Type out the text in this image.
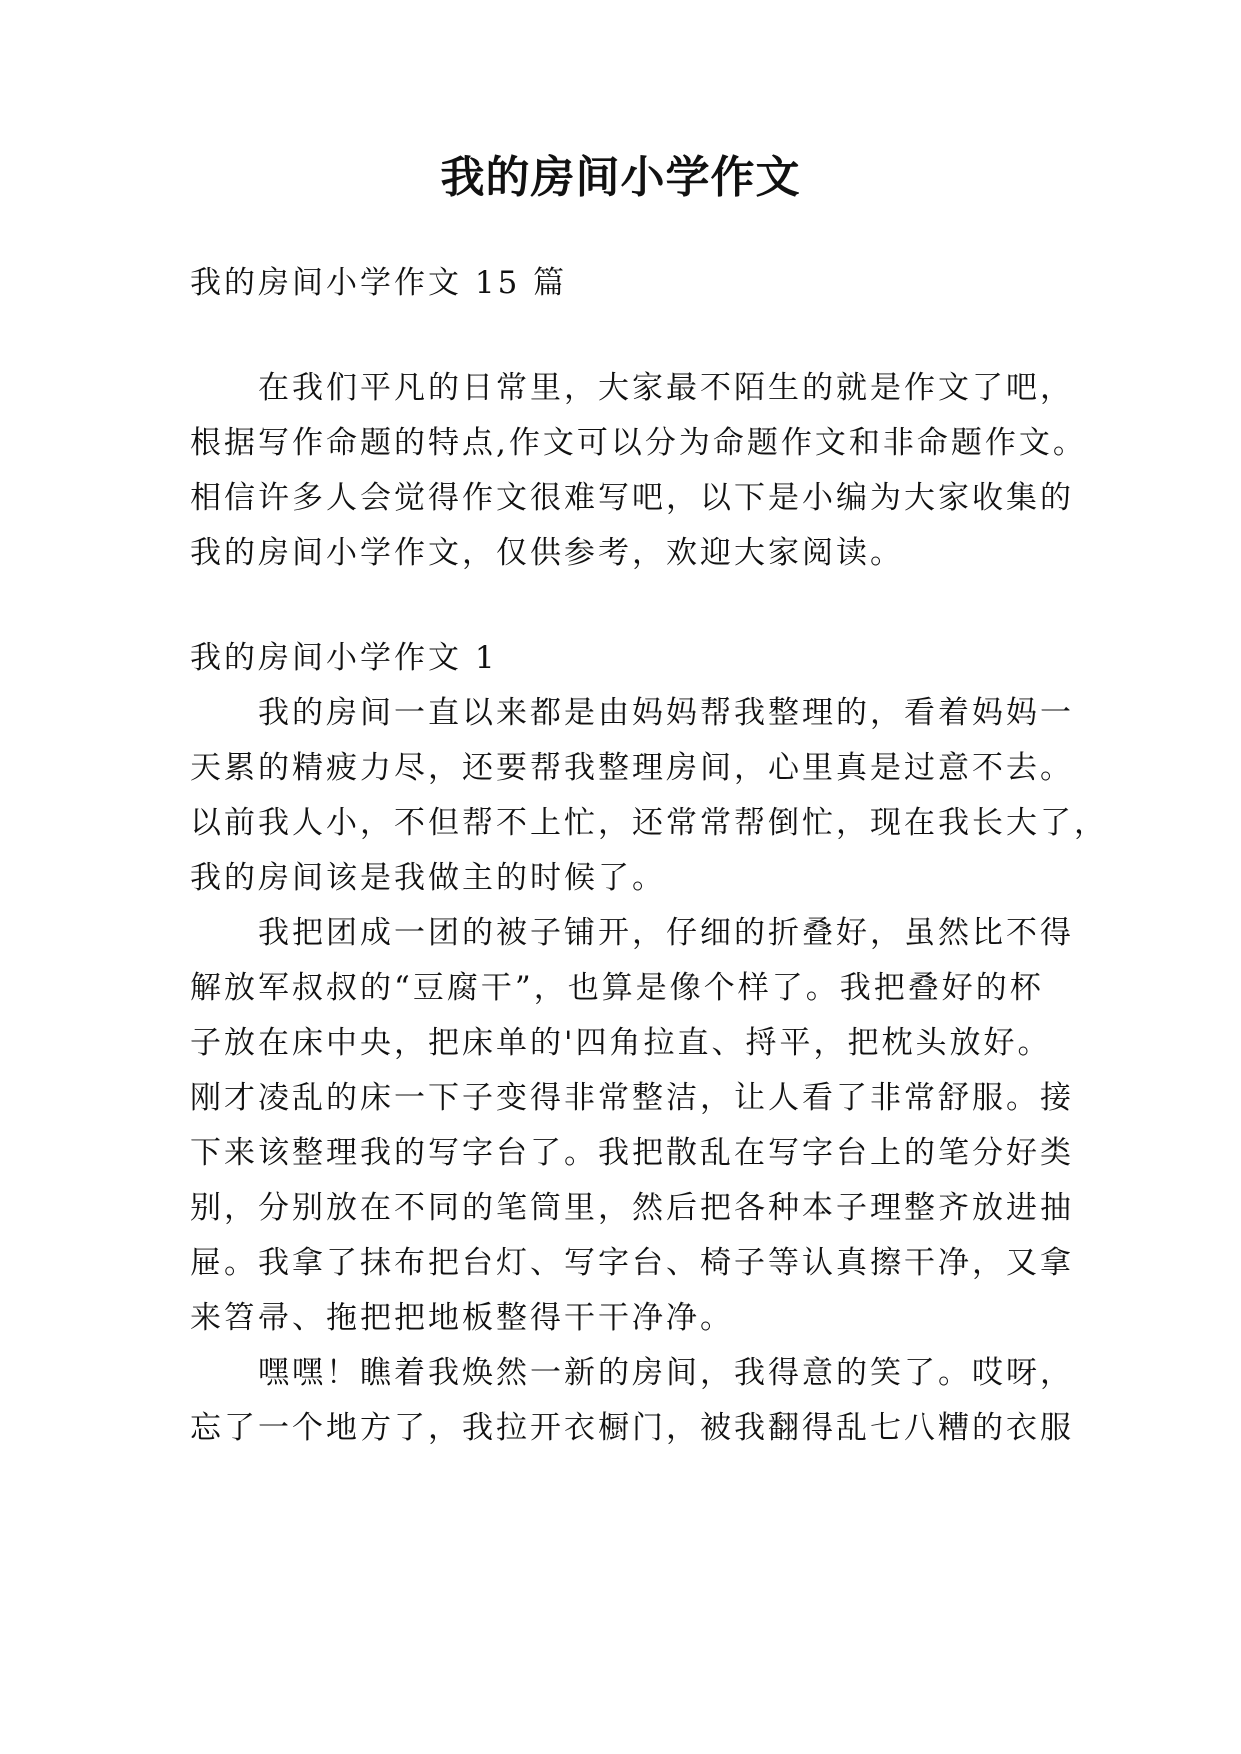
我的房间小学作文
我的房间小学作文 15 篇
在我们平凡的日常里，大家最不陌生的就是作文了吧，
根据写作命题的特点,作文可以分为命题作文和非命题作文。
相信许多人会觉得作文很难写吧，以下是小编为大家收集的
我的房间小学作文，仅供参考，欢迎大家阅读。
我的房间小学作文 1
我的房间一直以来都是由妈妈帮我整理的，看着妈妈一
天累的精疲力尽，还要帮我整理房间，心里真是过意不去。
以前我人小，不但帮不上忙，还常常帮倒忙，现在我长大了，
我的房间该是我做主的时候了。
我把团成一团的被子铺开，仔细的折叠好，虽然比不得
解放军叔叔的“豆腐干”，也算是像个样了。我把叠好的杯
子放在床中央，把床单的'四角拉直、捋平，把枕头放好。
刚才凌乱的床一下子变得非常整洁，让人看了非常舒服。接
下来该整理我的写字台了。我把散乱在写字台上的笔分好类
别，分别放在不同的笔筒里，然后把各种本子理整齐放进抽
屉。我拿了抹布把台灯、写字台、椅子等认真擦干净，又拿
来笤帚、拖把把地板整得干干净净。
嘿嘿！瞧着我焕然一新的房间，我得意的笑了。哎呀，
忘了一个地方了，我拉开衣橱门，被我翻得乱七八糟的衣服
